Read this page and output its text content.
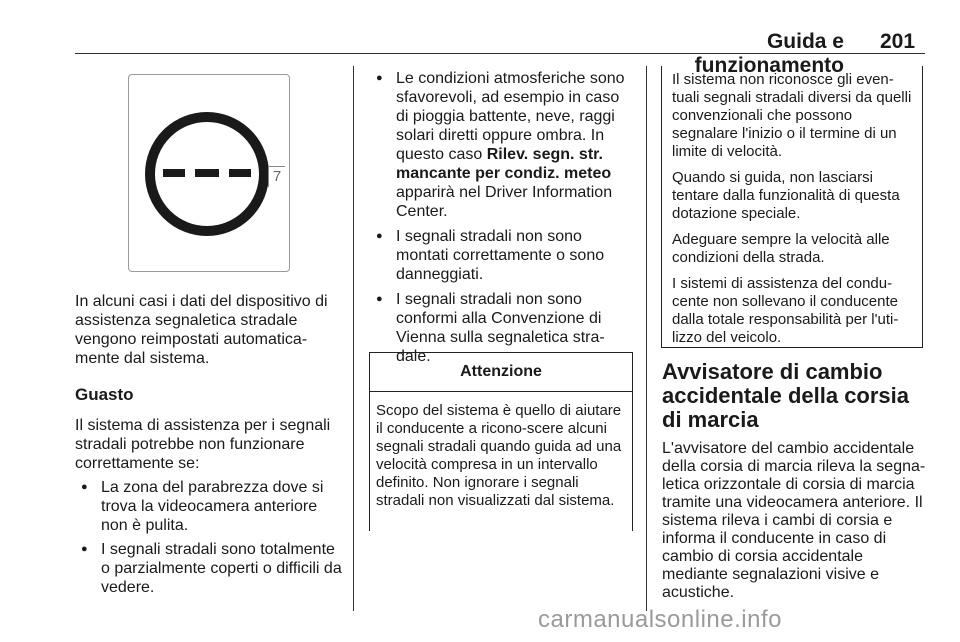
Guida e funzionamento
201
7

In alcuni casi i dati del dispositivo di assistenza segnaletica stradale vengono reimpostati automatica-mente dal sistema.

Guasto

Il sistema di assistenza per i segnali stradali potrebbe non funzionare correttamente se:

● La zona del parabrezza dove si trova la videocamera anteriore non è pulita.
● I segnali stradali sono totalmente o parzialmente coperti o difficili da vedere.
● Le condizioni atmosferiche sono sfavorevoli, ad esempio in caso di pioggia battente, neve, raggi solari diretti oppure ombra. In questo caso Rilev. segn. str. mancante per condiz. meteo apparirà nel Driver Information Center.
● I segnali stradali non sono montati correttamente o sono danneggiati.
● I segnali stradali non sono conformi alla Convenzione di Vienna sulla segnaletica stra-dale.
Attenzione
Scopo del sistema è quello di aiutare il conducente a ricono-scere alcuni segnali stradali quando guida ad una velocità compresa in un intervallo definito. Non ignorare i segnali stradali non visualizzati dal sistema.

Il sistema non riconosce gli even-tuali segnali stradali diversi da quelli convenzionali che possono segnalare l'inizio o il termine di un limite di velocità.

Quando si guida, non lasciarsi tentare dalla funzionalità di questa dotazione speciale.

Adeguare sempre la velocità alle condizioni della strada.

I sistemi di assistenza del condu-cente non sollevano il conducente dalla totale responsabilità per l'uti-lizzo del veicolo.

Avvisatore di cambio accidentale della corsia di marcia

L'avvisatore del cambio accidentale della corsia di marcia rileva la segna-letica orizzontale di corsia di marcia tramite una videocamera anteriore. Il sistema rileva i cambi di corsia e informa il conducente in caso di cambio di corsia accidentale mediante segnalazioni visive e acustiche.

carmanualsonline.info
